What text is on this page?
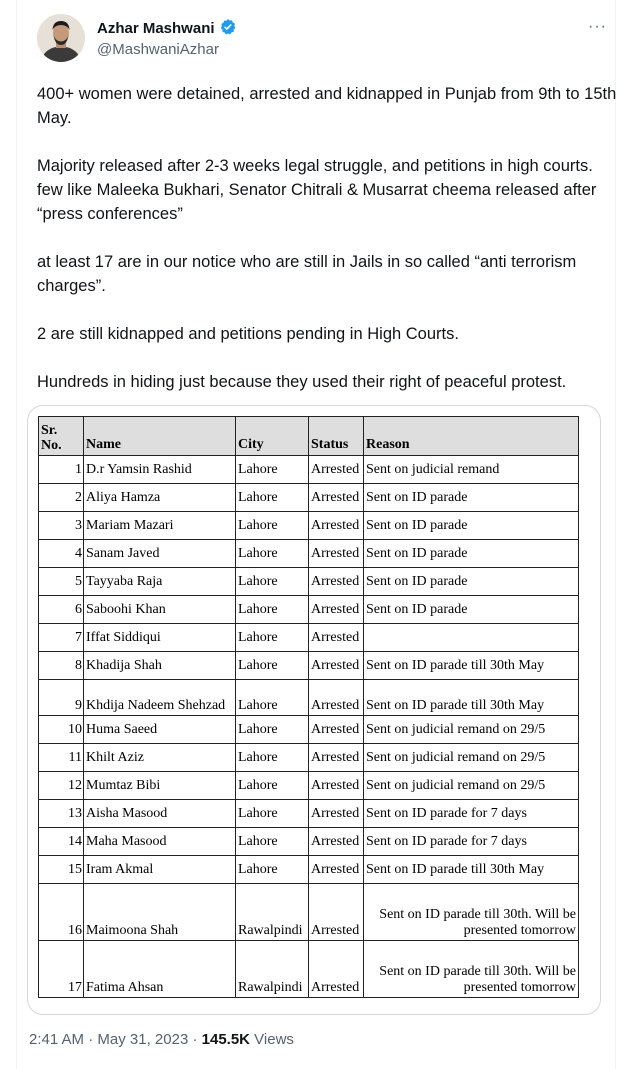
Azhar Mashwani
@MashwaniAzhar
···

400+ women were detained, arrested and kidnapped in Punjab from 9th to 15th May.

Majority released after 2-3 weeks legal struggle, and petitions in high courts. few like Maleeka Bukhari, Senator Chitrali & Musarrat cheema released after “press conferences”

at least 17 are in our notice who are still in Jails in so called “anti terrorism charges”.

2 are still kidnapped and petitions pending in High Courts.

Hundreds in hiding just because they used their right of peaceful protest.

Sr. No.	Name	City	Status	Reason
1	D.r Yamsin Rashid	Lahore	Arrested	Sent on judicial remand
2	Aliya Hamza	Lahore	Arrested	Sent on ID parade
3	Mariam Mazari	Lahore	Arrested	Sent on ID parade
4	Sanam Javed	Lahore	Arrested	Sent on ID parade
5	Tayyaba Raja	Lahore	Arrested	Sent on ID parade
6	Saboohi Khan	Lahore	Arrested	Sent on ID parade
7	Iffat Siddiqui	Lahore	Arrested	
8	Khadija Shah	Lahore	Arrested	Sent on ID parade till 30th May
9	Khdija Nadeem Shehzad	Lahore	Arrested	Sent on ID parade till 30th May
10	Huma Saeed	Lahore	Arrested	Sent on judicial remand on 29/5
11	Khilt Aziz	Lahore	Arrested	Sent on judicial remand on 29/5
12	Mumtaz Bibi	Lahore	Arrested	Sent on judicial remand on 29/5
13	Aisha Masood	Lahore	Arrested	Sent on ID parade for 7 days
14	Maha Masood	Lahore	Arrested	Sent on ID parade for 7 days
15	Iram Akmal	Lahore	Arrested	Sent on ID parade till 30th May
16	Maimoona Shah	Rawalpindi	Arrested	Sent on ID parade till 30th. Will be presented tomorrow
17	Fatima Ahsan	Rawalpindi	Arrested	Sent on ID parade till 30th. Will be presented tomorrow
2:41 AM · May 31, 2023 · 145.5K Views
